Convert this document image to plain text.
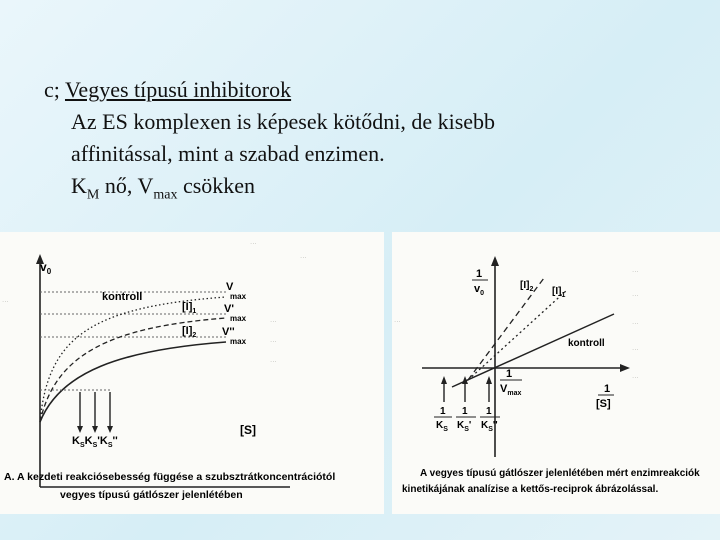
c; Vegyes típusú inhibitorok
Az ES komplexen is képesek kötődni, de kisebb
affinitással, mint a szabad enzimen.
$K_M$ nő, $V_{max}$ csökken
...
...
...
...
...
...
$v_0$
[S]
kontroll
$[I]_1$
$[I]_2$
V max
V' max
V'' max
$K_SK_S'K_S''$
A. A kezdeti reakciósebesség függése a szubsztrátkoncentrációtól
vegyes típusú gátlószer jelenlétében
...
...
...
...
...
...
1
$v_0$
1
[S]
$[I]_2$ $[I]_1$
kontroll
1
$V_{max}$
1
$K_S$
1
$K_S'$
1
$K_S''$
A vegyes típusú gátlószer jelenlétében mért enzimreakciók
kinetikájának analízise a kettős-reciprok ábrázolással.
